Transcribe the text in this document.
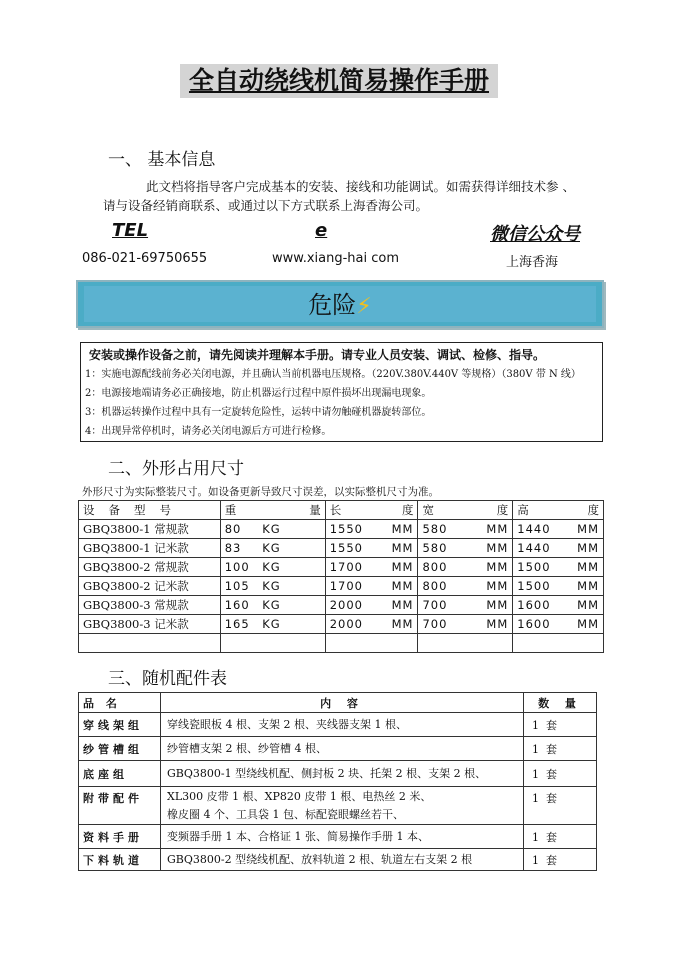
全自动绕线机简易操作手册
一、 基本信息
此文档将指导客户完成基本的安装、接线和功能调试。如需获得详细技术参 、
请与设备经销商联系、或通过以下方式联系上海香海公司。
TEL	e	微信公众号
086-021-69750655	www.xiang-hai com	上海香海
危险⚡
安装或操作设备之前，请先阅读并理解本手册。请专业人员安装、调试、检修、指导。
1：实施电源配线前务必关闭电源，并且确认当前机器电压规格。（220V.380V.440V 等规格）（380V 带 N 线）
2：电源接地端请务必正确接地，防止机器运行过程中原件损坏出现漏电现象。
3：机器运转操作过程中具有一定旋转危险性，运转中请勿触碰机器旋转部位。
4：出现异常停机时，请务必关闭电源后方可进行检修。
二、外形占用尺寸
外形尺寸为实际整装尺寸。如设备更新导致尺寸误差，以实际整机尺寸为准。
设备型号	重 量	长 度	宽 度	高 度

GBQ3800-1 常规款	80 KG	1550 MM	580 MM	1440 MM

GBQ3800-1 记米款	83 KG	1550 MM	580 MM	1440 MM

GBQ3800-2 常规款	100 KG	1700 MM	800 MM	1500 MM

GBQ3800-2 记米款	105 KG	1700 MM	800 MM	1500 MM

GBQ3800-3 常规款	160 KG	2000 MM	700 MM	1600 MM

GBQ3800-3 记米款	165 KG	2000 MM	700 MM	1600 MM

三、随机配件表
品 名	内 容	数 量
穿线架组	穿线瓷眼板 4 根、支架 2 根、夹线器支架 1 根、	1  套
纱管槽组	纱管槽支架 2 根、纱管槽 4 根、	1  套
底座组	GBQ3800-1 型绕线机配、侧封板 2 块、托架 2 根、支架 2 根、	1  套
附带配件	XL300 皮带 1 根、XP820 皮带 1 根、电热丝 2 米、
橡皮圈 4 个、工具袋 1 包、标配瓷眼螺丝若干、	1  套
资料手册	变频器手册 1 本、合格证 1 张、简易操作手册 1 本、	1  套
下料轨道	GBQ3800-2 型绕线机配、放料轨道 2 根、轨道左右支架 2 根	1  套
